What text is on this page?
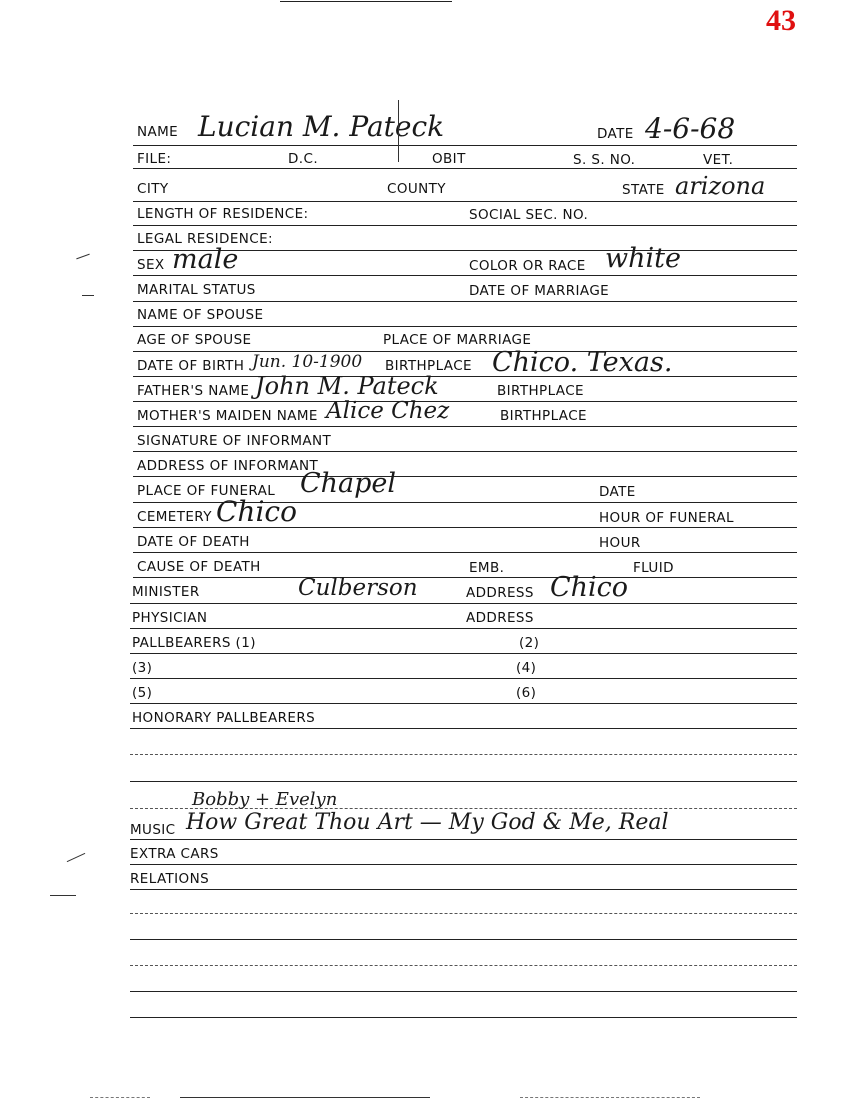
43
NAME Lucian M. Pateck	DATE 4-6-68
FILE:	D.C.	OBIT	S. S. NO.	VET.
CITY	COUNTY	STATE arizona
LENGTH OF RESIDENCE:	SOCIAL SEC. NO.
LEGAL RESIDENCE:
SEX male	COLOR OR RACE white
MARITAL STATUS	DATE OF MARRIAGE
NAME OF SPOUSE
AGE OF SPOUSE	PLACE OF MARRIAGE
DATE OF BIRTH Jun. 10-1900 BIRTHPLACE Chico. Texas.
FATHER'S NAME John M. Pateck	BIRTHPLACE
MOTHER'S MAIDEN NAME Alice Chez	BIRTHPLACE
SIGNATURE OF INFORMANT
ADDRESS OF INFORMANT
PLACE OF FUNERAL Chapel	DATE
CEMETERY Chico	HOUR OF FUNERAL
DATE OF DEATH	HOUR
CAUSE OF DEATH	EMB.	FLUID
MINISTER	Culberson	ADDRESS Chico
PHYSICIAN	ADDRESS
PALLBEARERS (1)	(2)
(3)	(4)
(5)	(6)
HONORARY PALLBEARERS
Bobby + Evelyn
MUSIC How Great Thou Art — My God & Me, Real
EXTRA CARS
RELATIONS
